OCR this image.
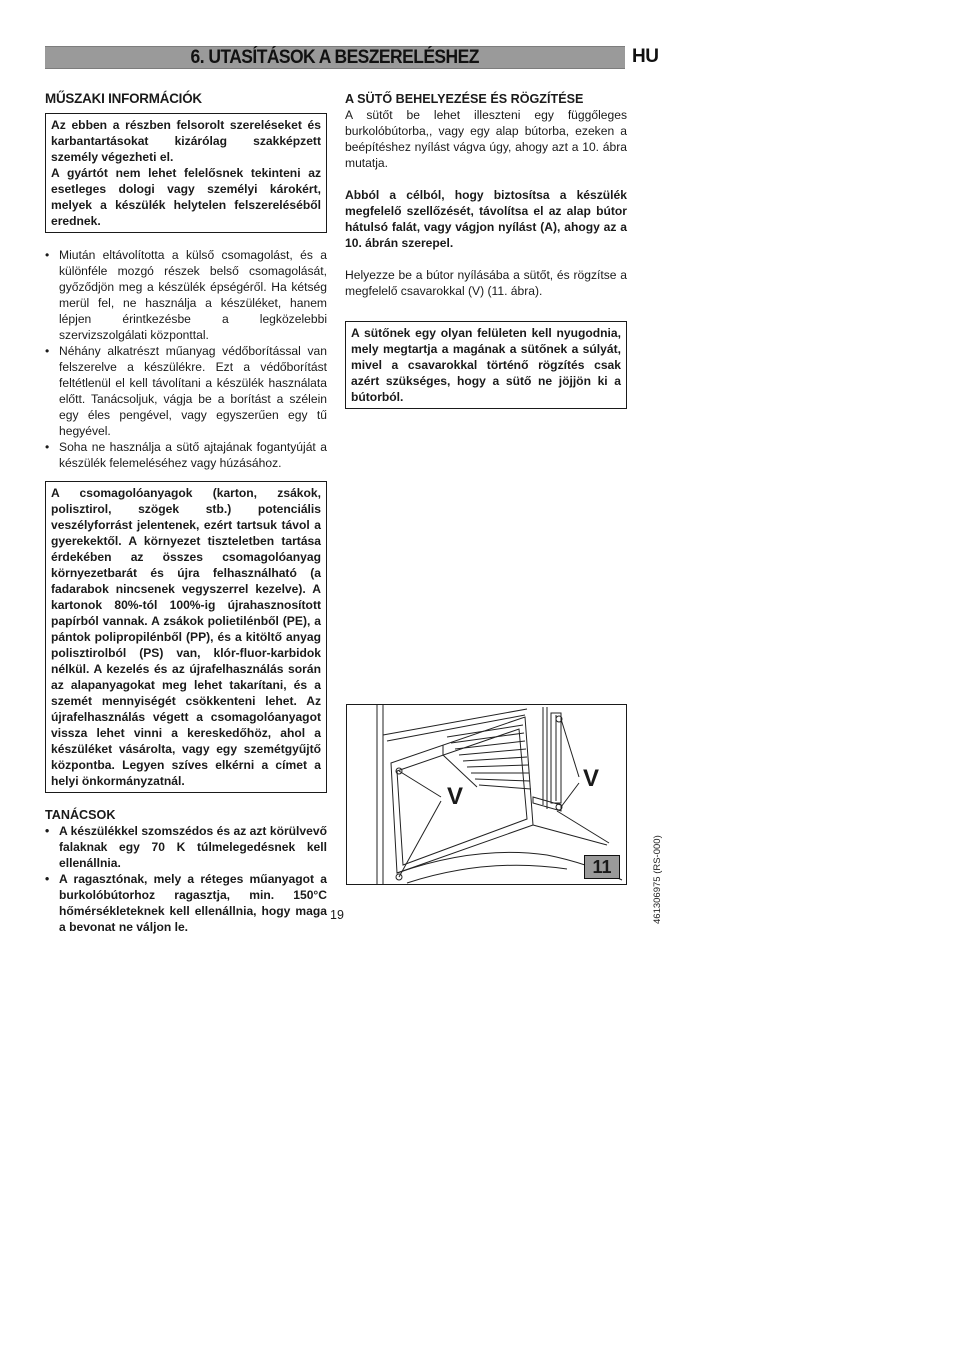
6. UTASÍTÁSOK A BESZERELÉSHEZ	HU
MŰSZAKI INFORMÁCIÓK

Az ebben a részben felsorolt szereléseket és karbantartásokat kizárólag szakképzett személy végezheti el.

A gyártót nem lehet felelősnek tekinteni az esetleges dologi vagy személyi károkért, melyek a készülék helytelen felszereléséből erednek.

• Miután eltávolította a külső csomagolást, és a különféle mozgó részek belső csomagolását, győződjön meg a készülék épségéről. Ha kétség merül fel, ne használja a készüléket, hanem lépjen érintkezésbe a legközelebbi szervizszolgálati központtal.
• Néhány alkatrészt műanyag védőborítással van felszerelve a készülékre. Ezt a védőborítást feltétlenül el kell távolítani a készülék használata előtt. Tanácsoljuk, vágja be a borítást a szélein egy éles pengével, vagy egyszerűen egy tű hegyével.
• Soha ne használja a sütő ajtajának fogantyúját a készülék felemeléséhez vagy húzásához.

A csomagolóanyagok (karton, zsákok, polisztirol, szögek stb.) potenciális veszélyforrást jelentenek, ezért tartsuk távol a gyerekektől. A környezet tiszteletben tartása érdekében az összes csomagolóanyag környezetbarát és újra felhasználható (a fadarabok nincsenek vegyszerrel kezelve). A kartonok 80%-tól 100%-ig újrahasznosított papírból vannak. A zsákok polietilénből (PE), a pántok polipropilénből (PP), és a kitöltő anyag polisztirolból (PS) van, klór-fluor-karbidok nélkül. A kezelés és az újrafelhasználás során az alapanyagokat meg lehet takarítani, és a szemét mennyiségét csökkenteni lehet. Az újrafelhasználás végett a csomagolóanyagot vissza lehet vinni a kereskedőhöz, ahol a készüléket vásárolta, vagy egy szemétgyűjtő központba. Legyen szíves elkérni a címet a helyi önkormányzatnál.

TANÁCSOK
• A készülékkel szomszédos és az azt körülvevő falaknak egy 70 K túlmelegedésnek kell ellenállnia.
• A ragasztónak, mely a réteges műanyagot a burkolóbútorhoz ragasztja, min. 150°C hőmérsékleteknek kell ellenállnia, hogy maga a bevonat ne váljon le.
A SÜTŐ BEHELYEZÉSE ÉS RÖGZÍTÉSE

A sütőt be lehet illeszteni egy függőleges burkolóbútorba,, vagy egy alap bútorba, ezeken a beépítéshez nyílást vágva úgy, ahogy azt a 10. ábra mutatja.

Abból a célból, hogy biztosítsa a készülék megfelelő szellőzését, távolítsa el az alap bútor hátulsó falát, vagy vágjon nyílást (A), ahogy az a 10. ábrán szerepel.

Helyezze be a bútor nyílásába a sütőt, és rögzítse a megfelelő csavarokkal (V) (11. ábra).

A sütőnek egy olyan felületen kell nyugodnia, mely megtartja a magának a sütőnek a súlyát, mivel a csavarokkal történő rögzítés csak azért szükséges, hogy a sütő ne jöjjön ki a bútorból.

V
V
11
19	461306975 (RS-000)
